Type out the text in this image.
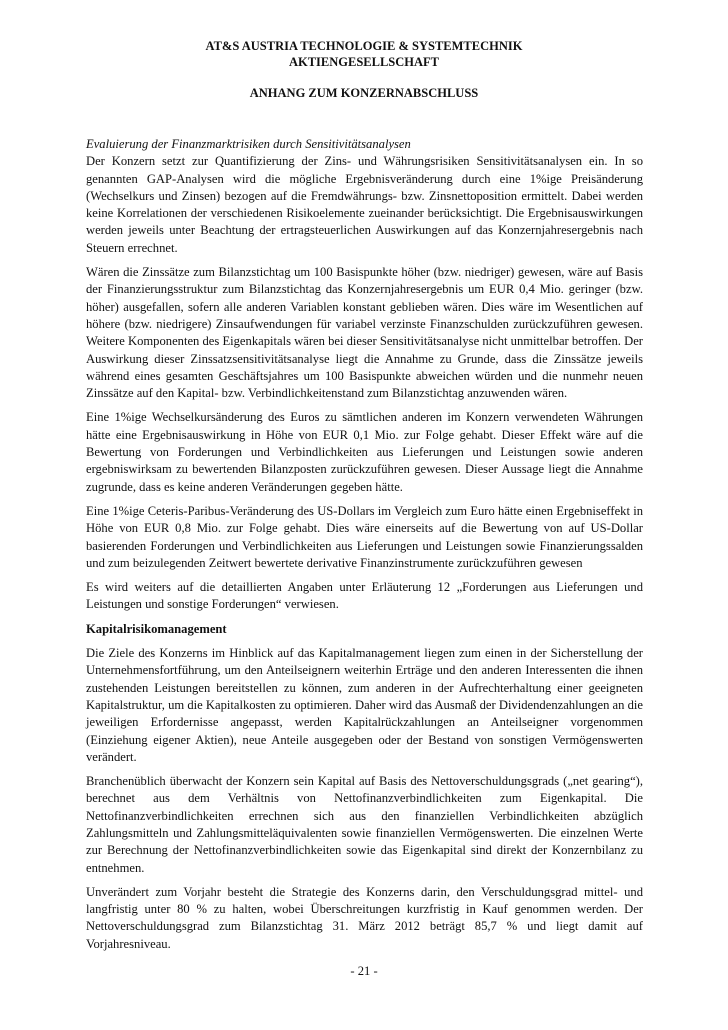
AT&S AUSTRIA TECHNOLOGIE & SYSTEMTECHNIK
AKTIENGESELLSCHAFT
ANHANG ZUM KONZERNABSCHLUSS

Evaluierung der Finanzmarktrisiken durch Sensitivitätsanalysen

Der Konzern setzt zur Quantifizierung der Zins- und Währungsrisiken Sensitivitätsanalysen ein. In so genannten GAP-Analysen wird die mögliche Ergebnisveränderung durch eine 1%ige Preisänderung (Wechselkurs und Zinsen) bezogen auf die Fremdwährungs- bzw. Zinsnettoposition ermittelt. Dabei werden keine Korrelationen der verschiedenen Risikoelemente zueinander berücksichtigt. Die Ergebnisauswirkungen werden jeweils unter Beachtung der ertragsteuerlichen Auswirkungen auf das Konzernjahresergebnis nach Steuern errechnet.

Wären die Zinssätze zum Bilanzstichtag um 100 Basispunkte höher (bzw. niedriger) gewesen, wäre auf Basis der Finanzierungsstruktur zum Bilanzstichtag das Konzernjahresergebnis um EUR 0,4 Mio. geringer (bzw. höher) ausgefallen, sofern alle anderen Variablen konstant geblieben wären. Dies wäre im Wesentlichen auf höhere (bzw. niedrigere) Zinsaufwendungen für variabel verzinste Finanzschulden zurückzuführen gewesen. Weitere Komponenten des Eigenkapitals wären bei dieser Sensitivitätsanalyse nicht unmittelbar betroffen. Der Auswirkung dieser Zinssatzsensitivitätsanalyse liegt die Annahme zu Grunde, dass die Zinssätze jeweils während eines gesamten Geschäftsjahres um 100 Basispunkte abweichen würden und die nunmehr neuen Zinssätze auf den Kapital- bzw. Verbindlichkeitenstand zum Bilanzstichtag anzuwenden wären.

Eine 1%ige Wechselkursänderung des Euros zu sämtlichen anderen im Konzern verwendeten Währungen hätte eine Ergebnisauswirkung in Höhe von EUR 0,1 Mio. zur Folge gehabt. Dieser Effekt wäre auf die Bewertung von Forderungen und Verbindlichkeiten aus Lieferungen und Leistungen sowie anderen ergebniswirksam zu bewertenden Bilanzposten zurückzuführen gewesen. Dieser Aussage liegt die Annahme zugrunde, dass es keine anderen Veränderungen gegeben hätte.

Eine 1%ige Ceteris-Paribus-Veränderung des US-Dollars im Vergleich zum Euro hätte einen Ergebniseffekt in Höhe von EUR 0,8 Mio. zur Folge gehabt. Dies wäre einerseits auf die Bewertung von auf US-Dollar basierenden Forderungen und Verbindlichkeiten aus Lieferungen und Leistungen sowie Finanzierungssalden und zum beizulegenden Zeitwert bewertete derivative Finanzinstrumente zurückzuführen gewesen

Es wird weiters auf die detaillierten Angaben unter Erläuterung 12 „Forderungen aus Lieferungen und Leistungen und sonstige Forderungen“ verwiesen.

Kapitalrisikomanagement

Die Ziele des Konzerns im Hinblick auf das Kapitalmanagement liegen zum einen in der Sicherstellung der Unternehmensfortführung, um den Anteilseignern weiterhin Erträge und den anderen Interessenten die ihnen zustehenden Leistungen bereitstellen zu können, zum anderen in der Aufrechterhaltung einer geeigneten Kapitalstruktur, um die Kapitalkosten zu optimieren. Daher wird das Ausmaß der Dividendenzahlungen an die jeweiligen Erfordernisse angepasst, werden Kapitalrückzahlungen an Anteilseigner vorgenommen (Einziehung eigener Aktien), neue Anteile ausgegeben oder der Bestand von sonstigen Vermögenswerten verändert.

Branchenüblich überwacht der Konzern sein Kapital auf Basis des Nettoverschuldungsgrads („net gearing“), berechnet aus dem Verhältnis von Nettofinanzverbindlichkeiten zum Eigenkapital. Die Nettofinanzverbindlichkeiten errechnen sich aus den finanziellen Verbindlichkeiten abzüglich Zahlungsmitteln und Zahlungsmitteläquivalenten sowie finanziellen Vermögenswerten. Die einzelnen Werte zur Berechnung der Nettofinanzverbindlichkeiten sowie das Eigenkapital sind direkt der Konzernbilanz zu entnehmen.

Unverändert zum Vorjahr besteht die Strategie des Konzerns darin, den Verschuldungsgrad mittel- und langfristig unter 80 % zu halten, wobei Überschreitungen kurzfristig in Kauf genommen werden. Der Nettoverschuldungsgrad zum Bilanzstichtag 31. März 2012 beträgt 85,7 % und liegt damit auf Vorjahresniveau.

- 21 -
